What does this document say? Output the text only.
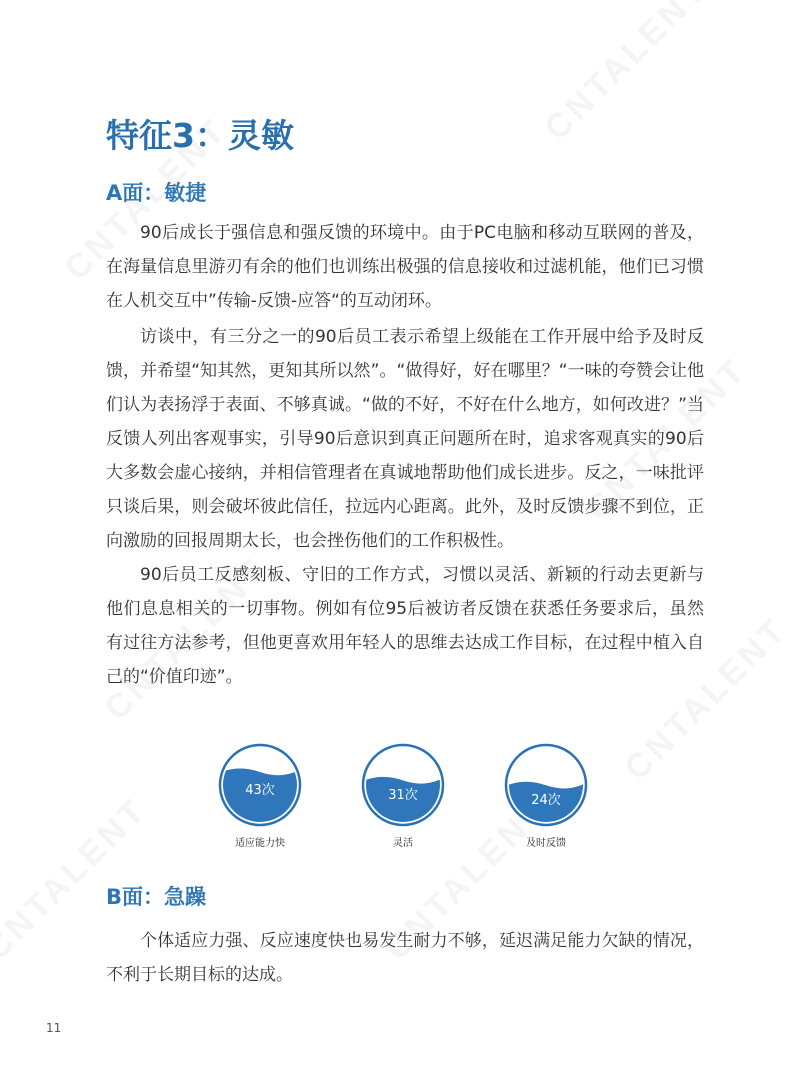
特征3：灵敏
A面：敏捷

90后成长于强信息和强反馈的环境中。由于PC电脑和移动互联网的普及，在海量信息里游刃有余的他们也训练出极强的信息接收和过滤机能，他们已习惯在人机交互中”传输-反馈-应答“的互动闭环。

访谈中，有三分之一的90后员工表示希望上级能在工作开展中给予及时反馈，并希望“知其然，更知其所以然”。“做得好，好在哪里？“一味的夸赞会让他们认为表扬浮于表面、不够真诚。“做的不好，不好在什么地方，如何改进？”当反馈人列出客观事实，引导90后意识到真正问题所在时，追求客观真实的90后大多数会虚心接纳，并相信管理者在真诚地帮助他们成长进步。反之，一味批评只谈后果，则会破坏彼此信任，拉远内心距离。此外，及时反馈步骤不到位，正向激励的回报周期太长，也会挫伤他们的工作积极性。

90后员工反感刻板、守旧的工作方式，习惯以灵活、新颖的行动去更新与他们息息相关的一切事物。例如有位95后被访者反馈在获悉任务要求后，虽然有过往方法参考，但他更喜欢用年轻人的思维去达成工作目标，在过程中植入自己的“价值印迹”。

43次
适应能力快
31次
灵活
24次
及时反馈
B面：急躁

个体适应力强、反应速度快也易发生耐力不够，延迟满足能力欠缺的情况，不利于长期目标的达成。

11
